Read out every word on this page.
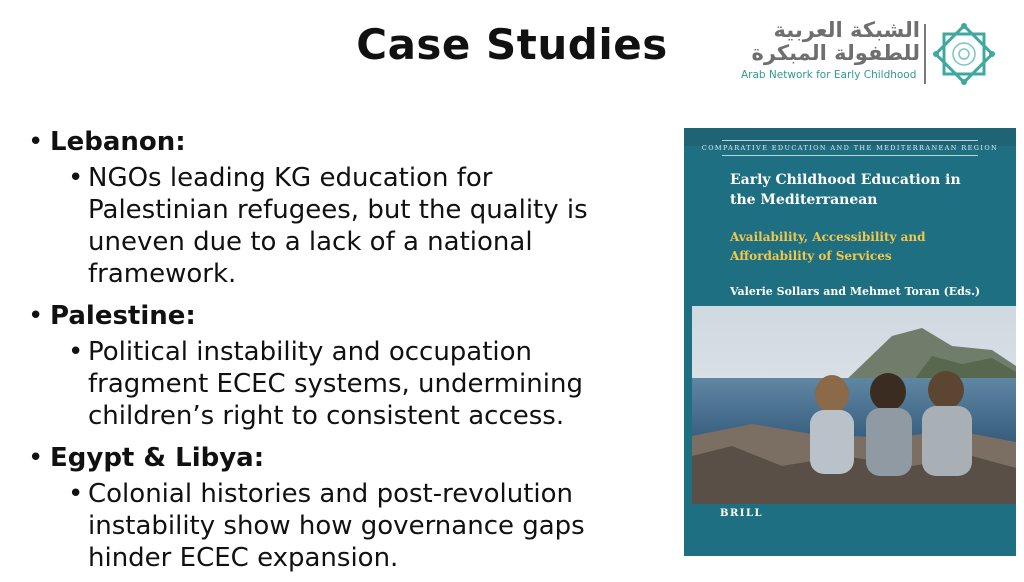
Case Studies	الشبكة العربية
للطفولة المبكرة
Arab Network for Early Childhood
• Lebanon:
• NGOs leading KG education for
Palestinian refugees, but the quality is
uneven due to a lack of a national
framework.
• Palestine:
• Political instability and occupation
fragment ECEC systems, undermining
children’s right to consistent access.
• Egypt & Libya:
• Colonial histories and post-revolution
instability show how governance gaps
hinder ECEC expansion.
COMPARATIVE EDUCATION AND THE MEDITERRANEAN REGION
Early Childhood Education in
the Mediterranean
Availability, Accessibility and
Affordability of Services
Valerie Sollars and Mehmet Toran (Eds.)
BRILL
